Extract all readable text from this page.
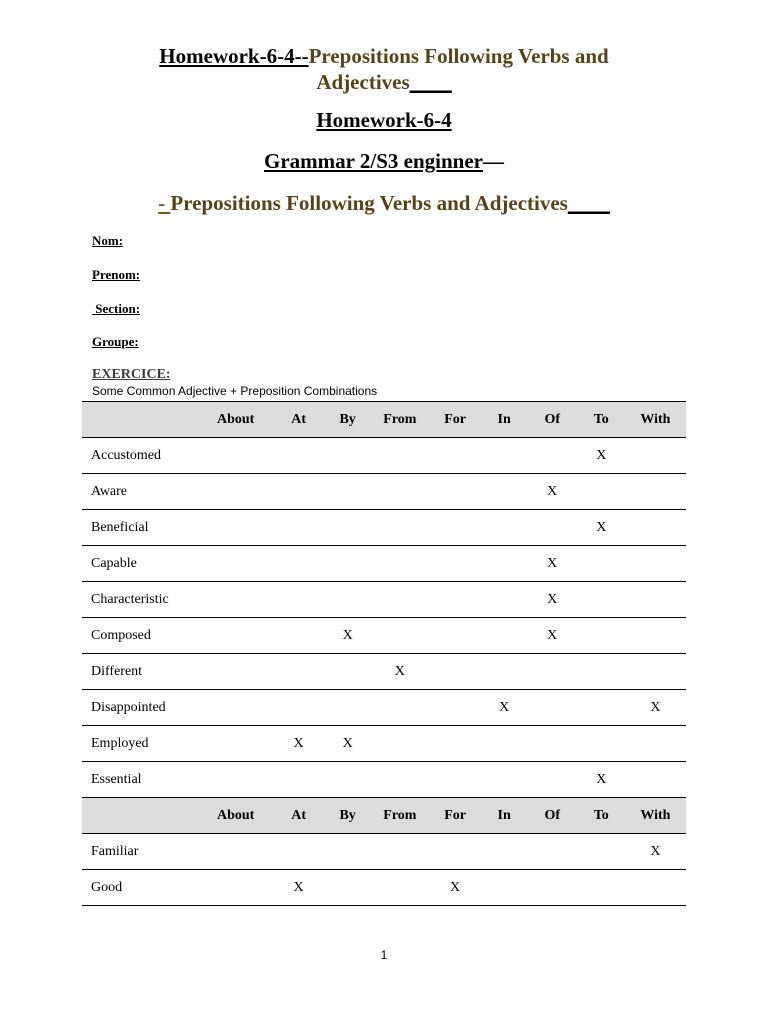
Homework-6-4--Prepositions Following Verbs and
Adjectives____
Homework-6-4
Grammar 2/S3 enginner—
- Prepositions Following Verbs and Adjectives____
Nom:
Prenom:
Section:
Groupe:
EXERCICE:
Some Common Adjective + Preposition Combinations
	About	At	By	From	For	In	Of	To	With
Accustomed								X	
Aware							X		
Beneficial								X	
Capable							X		
Characteristic							X		
Composed			X				X		
Different				X					
Disappointed						X			X
Employed		X	X						
Essential								X	
	About	At	By	From	For	In	Of	To	With
Familiar									X
Good		X			X				
1
